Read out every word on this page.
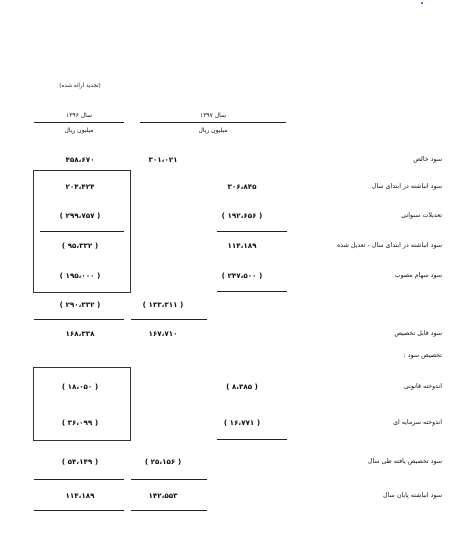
(تجدید ارائه شده)
سال ۱۳۹۶
میلیون ریال
سال ۱۳۹۷
میلیون ریال
سود خالص
۳۰۱،۰۲۱
۴۵۸،۶۷۰
سود انباشته در ابتدای سال
۳۰۶،۸۴۵
۲۰۴،۴۲۴
تعدیلات سنواتی
( ۱۹۲،۶۵۶ )
( ۲۹۹،۷۵۷ )
سود انباشته در ابتدای سال - تعدیل شده
۱۱۴،۱۸۹
( ۹۵،۳۳۲ )
سود سهام مصوب
( ۲۴۷،۵۰۰ )
( ۱۹۵،۰۰۰ )
( ۱۳۳،۳۱۱ )
( ۲۹۰،۳۳۲ )
سود قابل تخصیص
۱۶۷،۷۱۰
۱۶۸،۳۳۸
تخصیص سود :
اندوخته قانونی
( ۸،۳۸۵ )
( ۱۸،۰۵۰ )
اندوخته سرمایه ای
( ۱۶،۷۷۱ )
( ۳۶،۰۹۹ )
سود تخصیص یافته طی سال
( ۲۵،۱۵۶ )
( ۵۴،۱۴۹ )
سود انباشته پایان سال
۱۴۲،۵۵۳
۱۱۴،۱۸۹
